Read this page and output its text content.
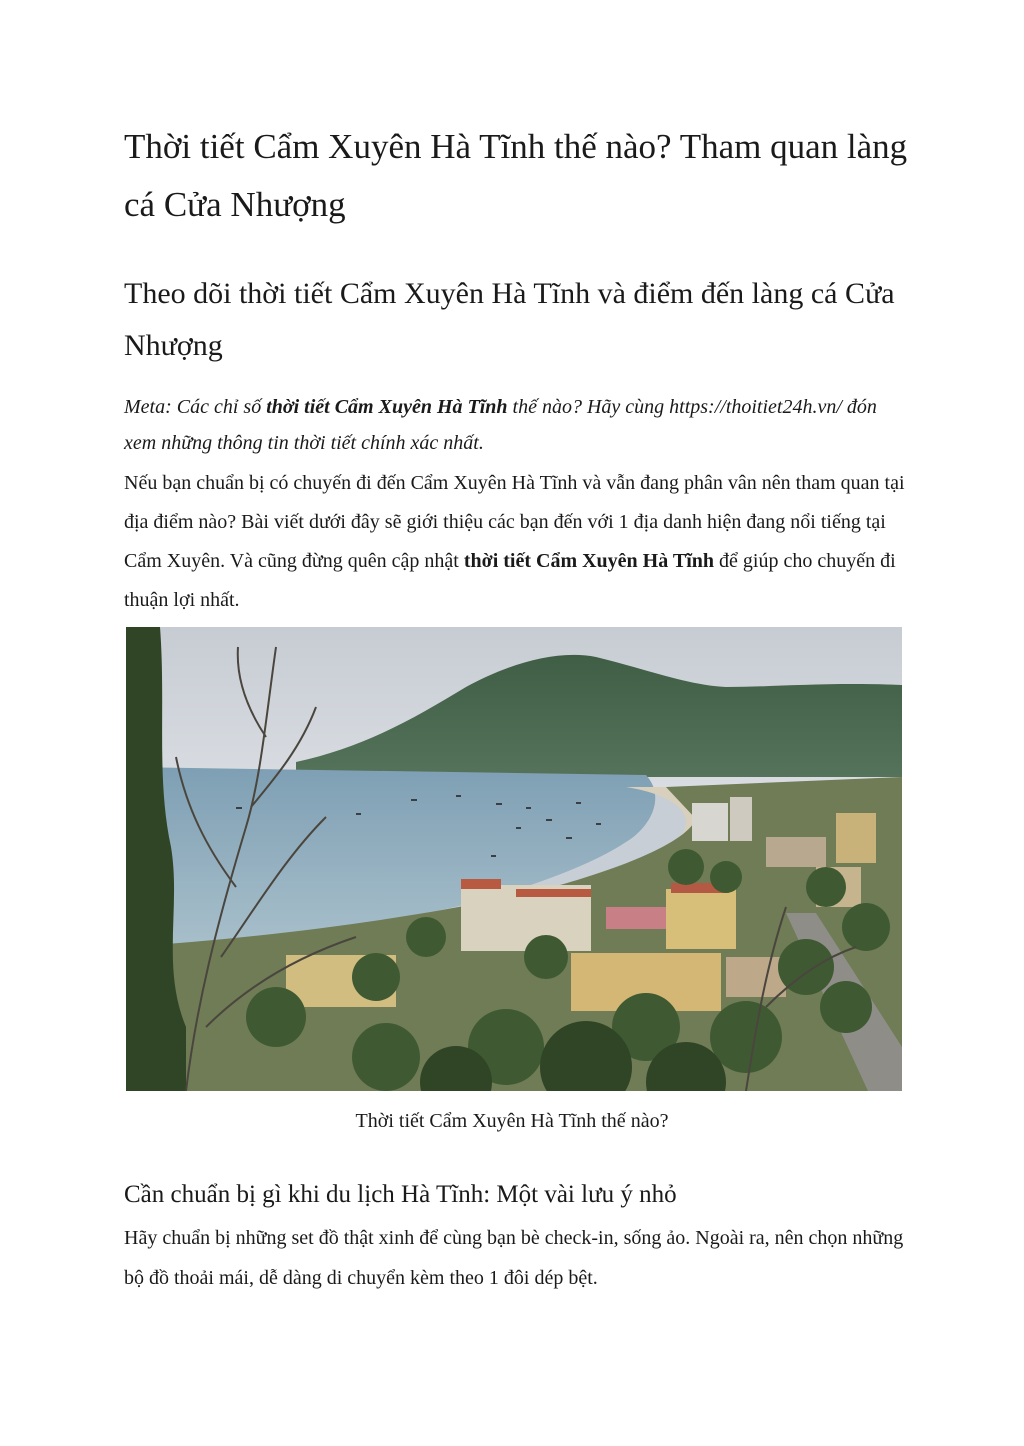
Thời tiết Cẩm Xuyên Hà Tĩnh thế nào? Tham quan làng cá Cửa Nhượng
Theo dõi thời tiết Cẩm Xuyên Hà Tĩnh và điểm đến làng cá Cửa Nhượng

Meta: Các chỉ số thời tiết Cẩm Xuyên Hà Tĩnh thế nào? Hãy cùng https://thoitiet24h.vn/ đón xem những thông tin thời tiết chính xác nhất.

Nếu bạn chuẩn bị có chuyến đi đến Cẩm Xuyên Hà Tĩnh và vẫn đang phân vân nên tham quan tại địa điểm nào? Bài viết dưới đây sẽ giới thiệu các bạn đến với 1 địa danh hiện đang nổi tiếng tại Cẩm Xuyên. Và cũng đừng quên cập nhật thời tiết Cẩm Xuyên Hà Tĩnh để giúp cho chuyến đi thuận lợi nhất.

Thời tiết Cẩm Xuyên Hà Tĩnh thế nào?
Cần chuẩn bị gì khi du lịch Hà Tĩnh: Một vài lưu ý nhỏ

Hãy chuẩn bị những set đồ thật xinh để cùng bạn bè check-in, sống ảo. Ngoài ra, nên chọn những bộ đồ thoải mái, dễ dàng di chuyển kèm theo 1 đôi dép bệt.
